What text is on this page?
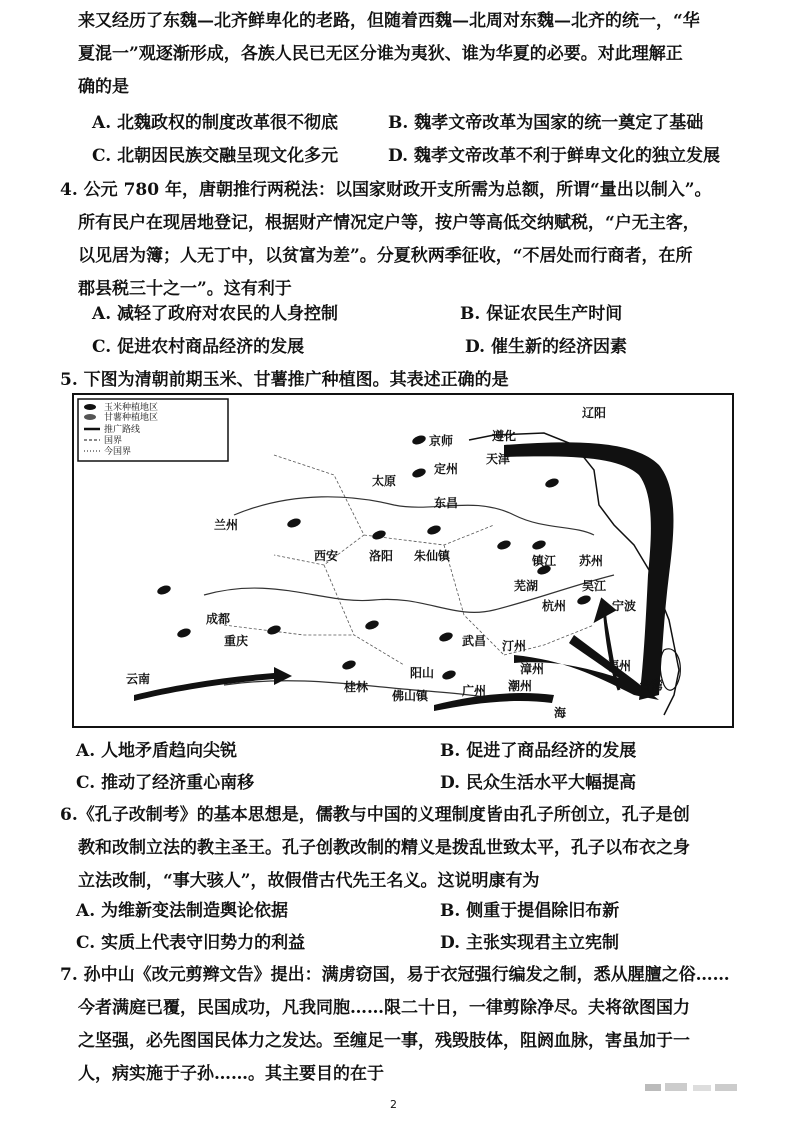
来又经历了东魏—北齐鲜卑化的老路，但随着西魏—北周对东魏—北齐的统一，“华
夏混一”观逐渐形成，各族人民已无区分谁为夷狄、谁为华夏的必要。对此理解正
确的是
A. 北魏政权的制度改革很不彻底	B. 魏孝文帝改革为国家的统一奠定了基础
C. 北朝因民族交融呈现文化多元	D. 魏孝文帝改革不利于鲜卑文化的独立发展
4. 公元 780 年，唐朝推行两税法：以国家财政开支所需为总额，所谓“量出以制入”。
所有民户在现居地登记，根据财产情况定户等，按户等高低交纳赋税，“户无主客，
以见居为簿；人无丁中，以贫富为差”。分夏秋两季征收，“不居处而行商者，在所
郡县税三十之一”。这有利于
A. 减轻了政府对农民的人身控制	B. 保证农民生产时间
C. 促进农村商品经济的发展	D. 催生新的经济因素
5. 下图为清朝前期玉米、甘薯推广种植图。其表述正确的是
玉米种植地区
甘薯种植地区
推广路线
国界
今国界
辽阳
京师	遵化
天津
太原
定州
东昌
兰州
西安	洛阳 朱仙镇	镇江 苏州
芜湖
杭州
吴江
宁波
成都
重庆	武昌 汀州
福州
漳州
潮州	台湾
云南
桂林
阳山
佛山镇	广州
海
A. 人地矛盾趋向尖锐	B. 促进了商品经济的发展
C. 推动了经济重心南移	D. 民众生活水平大幅提高
6.《孔子改制考》的基本思想是，儒教与中国的义理制度皆由孔子所创立，孔子是创
教和改制立法的教主圣王。孔子创教改制的精义是拨乱世致太平，孔子以布衣之身
立法改制，“事大骇人”，故假借古代先王名义。这说明康有为
A. 为维新变法制造舆论依据	B. 侧重于提倡除旧布新
C. 实质上代表守旧势力的利益	D. 主张实现君主立宪制
7. 孙中山《改元剪辫文告》提出：满虏窃国，易于衣冠强行编发之制，悉从腥膻之俗……
今者满庭已覆，民国成功，凡我同胞……限二十日，一律剪除净尽。夫将欲图国力
之坚强，必先图国民体力之发达。至缠足一事，残毁肢体，阻阏血脉，害虽加于一
人，病实施于子孙……。其主要目的在于
2
